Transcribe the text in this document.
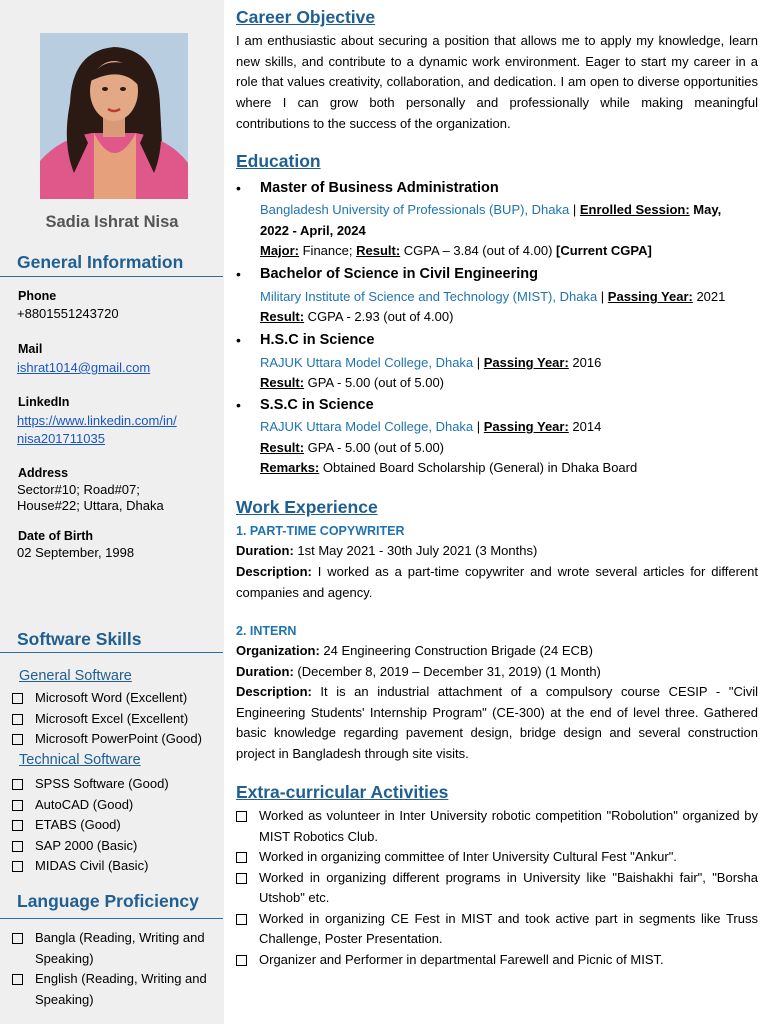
Sadia Ishrat Nisa
General Information
Phone
+8801551243720
Mail
ishrat1014@gmail.com
LinkedIn
https://www.linkedin.com/in/
nisa201711035
Address
Sector#10; Road#07;
House#22; Uttara, Dhaka
Date of Birth
02 September, 1998
Software Skills
General Software
Microsoft Word (Excellent)
Microsoft Excel (Excellent)
Microsoft PowerPoint (Good)
Technical Software
SPSS Software (Good)
AutoCAD (Good)
ETABS (Good)
SAP 2000 (Basic)
MIDAS Civil (Basic)
Language Proficiency
Bangla (Reading, Writing and Speaking)
English (Reading, Writing and Speaking)
Career Objective
I am enthusiastic about securing a position that allows me to apply my knowledge, learn new skills, and contribute to a dynamic work environment. Eager to start my career in a role that values creativity, collaboration, and dedication. I am open to diverse opportunities where I can grow both personally and professionally while making meaningful contributions to the success of the organization.
Education
• Master of Business Administration
Bangladesh University of Professionals (BUP), Dhaka | Enrolled Session: May,
2022 - April, 2024
Major: Finance; Result: CGPA – 3.84 (out of 4.00) [Current CGPA]
• Bachelor of Science in Civil Engineering
Military Institute of Science and Technology (MIST), Dhaka | Passing Year: 2021
Result: CGPA - 2.93 (out of 4.00)
• H.S.C in Science
RAJUK Uttara Model College, Dhaka | Passing Year: 2016
Result: GPA - 5.00 (out of 5.00)
• S.S.C in Science
RAJUK Uttara Model College, Dhaka | Passing Year: 2014
Result: GPA - 5.00 (out of 5.00)
Remarks: Obtained Board Scholarship (General) in Dhaka Board
Work Experience
1. PART-TIME COPYWRITER
Duration: 1st May 2021 - 30th July 2021 (3 Months)
Description: I worked as a part-time copywriter and wrote several articles for different companies and agency.
2. INTERN
Organization: 24 Engineering Construction Brigade (24 ECB)
Duration: (December 8, 2019 – December 31, 2019) (1 Month)
Description: It is an industrial attachment of a compulsory course CESIP - "Civil Engineering Students' Internship Program" (CE-300) at the end of level three. Gathered basic knowledge regarding pavement design, bridge design and several construction project in Bangladesh through site visits.
Extra-curricular Activities
Worked as volunteer in Inter University robotic competition "Robolution" organized by MIST Robotics Club.
Worked in organizing committee of Inter University Cultural Fest "Ankur".
Worked in organizing different programs in University like "Baishakhi fair", "Borsha Utshob" etc.
Worked in organizing CE Fest in MIST and took active part in segments like Truss Challenge, Poster Presentation.
Organizer and Performer in departmental Farewell and Picnic of MIST.
